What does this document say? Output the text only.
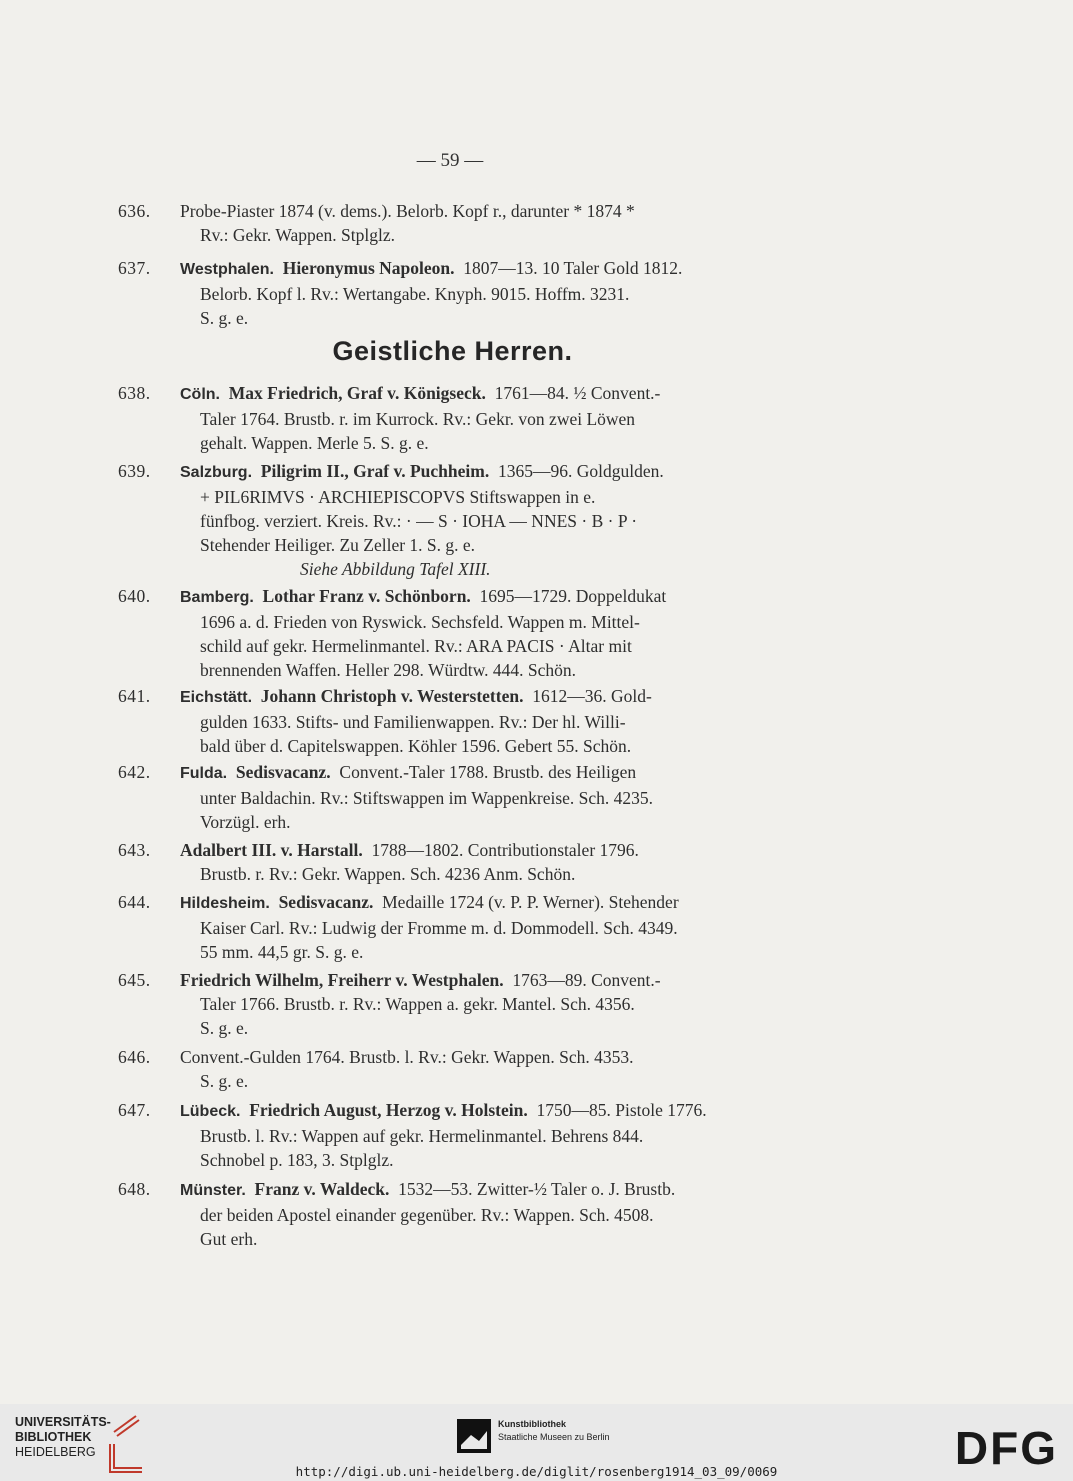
— 59 —
636.	Probe-Piaster 1874 (v. dems.). Belorb. Kopf r., darunter * 1874 *
Rv.: Gekr. Wappen. Stplglz.
637.	Westphalen.  Hieronymus Napoleon.  1807—13. 10 Taler Gold 1812.
Belorb. Kopf l. Rv.: Wertangabe. Knyph. 9015. Hoffm. 3231.
S. g. e.
Geistliche Herren.
638.	Cöln.  Max Friedrich, Graf v. Königseck.  1761—84. ½ Convent.-
Taler 1764. Brustb. r. im Kurrock. Rv.: Gekr. von zwei Löwen
gehalt. Wappen. Merle 5. S. g. e.
639.	Salzburg.  Piligrim II., Graf v. Puchheim.  1365—96. Goldgulden.
+ PIL6RIMVS · ARCHIEPISCOPVS Stiftswappen in e.
fünfbog. verziert. Kreis. Rv.: · — S · IOHA — NNES · B · P ·
Stehender Heiliger. Zu Zeller 1. S. g. e.
Siehe Abbildung Tafel XIII.
640.	Bamberg.  Lothar Franz v. Schönborn.  1695—1729. Doppeldukat
1696 a. d. Frieden von Ryswick. Sechsfeld. Wappen m. Mittel-
schild auf gekr. Hermelinmantel. Rv.: ARA PACIS · Altar mit
brennenden Waffen. Heller 298. Würdtw. 444. Schön.
641.	Eichstätt.  Johann Christoph v. Westerstetten.  1612—36. Gold-
gulden 1633. Stifts- und Familienwappen. Rv.: Der hl. Willi-
bald über d. Capitelswappen. Köhler 1596. Gebert 55. Schön.
642.	Fulda.  Sedisvacanz.  Convent.-Taler 1788. Brustb. des Heiligen
unter Baldachin. Rv.: Stiftswappen im Wappenkreise. Sch. 4235.
Vorzügl. erh.
643.	Adalbert III. v. Harstall.  1788—1802. Contributionstaler 1796.
Brustb. r. Rv.: Gekr. Wappen. Sch. 4236 Anm. Schön.
644.	Hildesheim.  Sedisvacanz.  Medaille 1724 (v. P. P. Werner). Stehender
Kaiser Carl. Rv.: Ludwig der Fromme m. d. Dommodell. Sch. 4349.
55 mm. 44,5 gr. S. g. e.
645.	Friedrich Wilhelm, Freiherr v. Westphalen.  1763—89. Convent.-
Taler 1766. Brustb. r. Rv.: Wappen a. gekr. Mantel. Sch. 4356.
S. g. e.
646.	Convent.-Gulden 1764. Brustb. l. Rv.: Gekr. Wappen. Sch. 4353.
S. g. e.
647.	Lübeck.  Friedrich August, Herzog v. Holstein.  1750—85. Pistole 1776.
Brustb. l. Rv.: Wappen auf gekr. Hermelinmantel. Behrens 844.
Schnobel p. 183, 3. Stplglz.
648.	Münster.  Franz v. Waldeck.  1532—53. Zwitter-½ Taler o. J. Brustb.
der beiden Apostel einander gegenüber. Rv.: Wappen. Sch. 4508.
Gut erh.
UNIVERSITÄTS-
BIBLIOTHEK
HEIDELBERG
Kunstbibliothek
Staatliche Museen zu Berlin	DFG
http://digi.ub.uni-heidelberg.de/diglit/rosenberg1914_03_09/0069
